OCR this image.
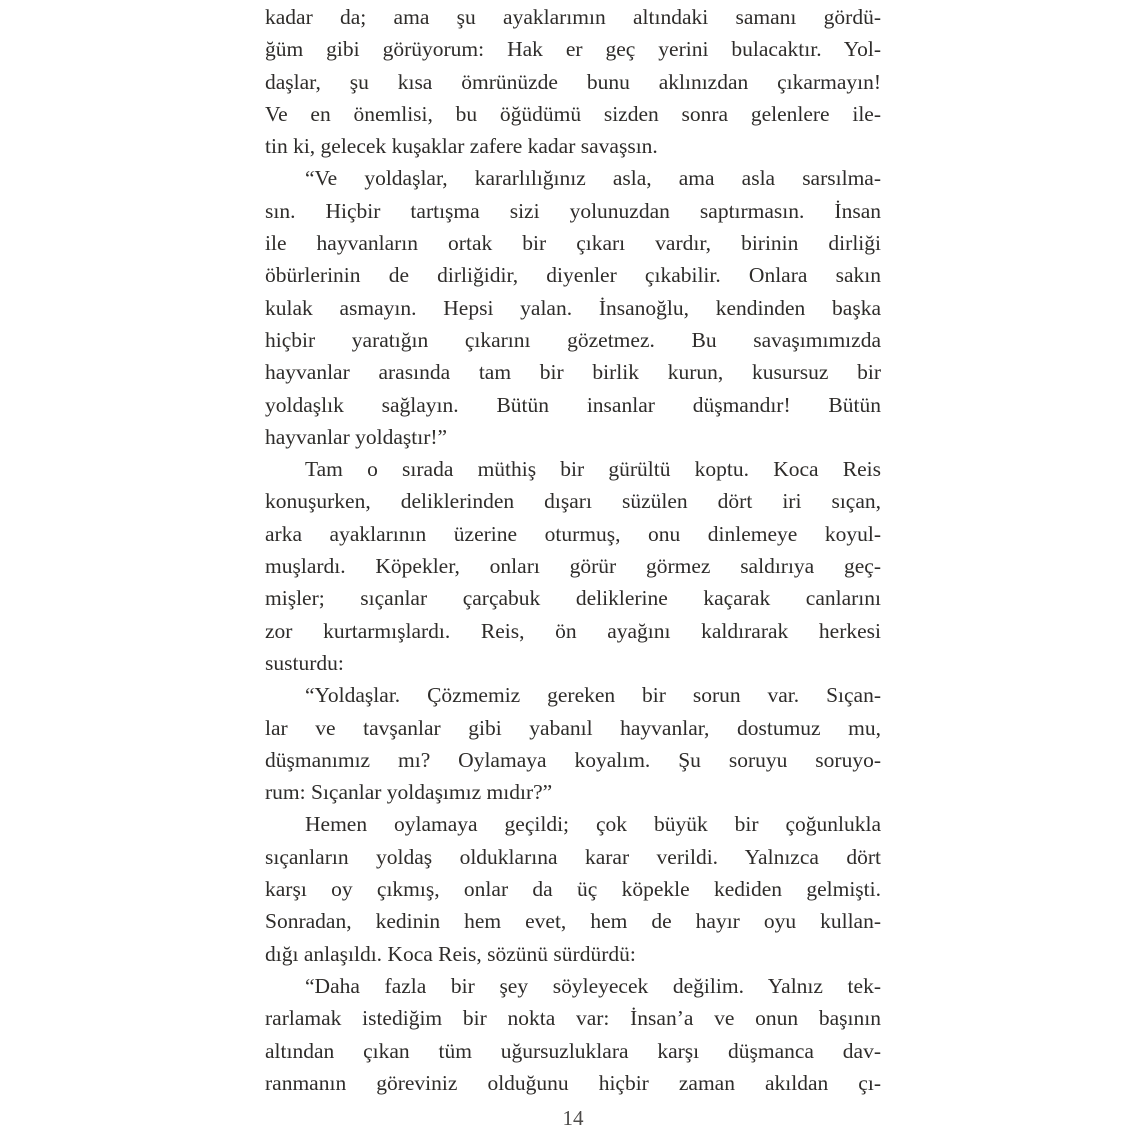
kadar da; ama şu ayaklarımın altındaki samanı gördü-
ğüm gibi görüyorum: Hak er geç yerini bulacaktır. Yol-
daşlar, şu kısa ömrünüzde bunu aklınızdan çıkarmayın!
Ve en önemlisi, bu öğüdümü sizden sonra gelenlere ile-
tin ki, gelecek kuşaklar zafere kadar savaşsın.
“Ve yoldaşlar, kararlılığınız asla, ama asla sarsılma-
sın. Hiçbir tartışma sizi yolunuzdan saptırmasın. İnsan
ile hayvanların ortak bir çıkarı vardır, birinin dirliği
öbürlerinin de dirliğidir, diyenler çıkabilir. Onlara sakın
kulak asmayın. Hepsi yalan. İnsanoğlu, kendinden başka
hiçbir yaratığın çıkarını gözetmez. Bu savaşımımızda
hayvanlar arasında tam bir birlik kurun, kusursuz bir
yoldaşlık sağlayın. Bütün insanlar düşmandır! Bütün
hayvanlar yoldaştır!”
Tam o sırada müthiş bir gürültü koptu. Koca Reis
konuşurken, deliklerinden dışarı süzülen dört iri sıçan,
arka ayaklarının üzerine oturmuş, onu dinlemeye koyul-
muşlardı. Köpekler, onları görür görmez saldırıya geç-
mişler; sıçanlar çarçabuk deliklerine kaçarak canlarını
zor kurtarmışlardı. Reis, ön ayağını kaldırarak herkesi
susturdu:
“Yoldaşlar. Çözmemiz gereken bir sorun var. Sıçan-
lar ve tavşanlar gibi yabanıl hayvanlar, dostumuz mu,
düşmanımız mı? Oylamaya koyalım. Şu soruyu soruyo-
rum: Sıçanlar yoldaşımız mıdır?”
Hemen oylamaya geçildi; çok büyük bir çoğunlukla
sıçanların yoldaş olduklarına karar verildi. Yalnızca dört
karşı oy çıkmış, onlar da üç köpekle kediden gelmişti.
Sonradan, kedinin hem evet, hem de hayır oyu kullan-
dığı anlaşıldı. Koca Reis, sözünü sürdürdü:
“Daha fazla bir şey söyleyecek değilim. Yalnız tek-
rarlamak istediğim bir nokta var: İnsan’a ve onun başının
altından çıkan tüm uğursuzluklara karşı düşmanca dav-
ranmanın göreviniz olduğunu hiçbir zaman akıldan çı-
14
